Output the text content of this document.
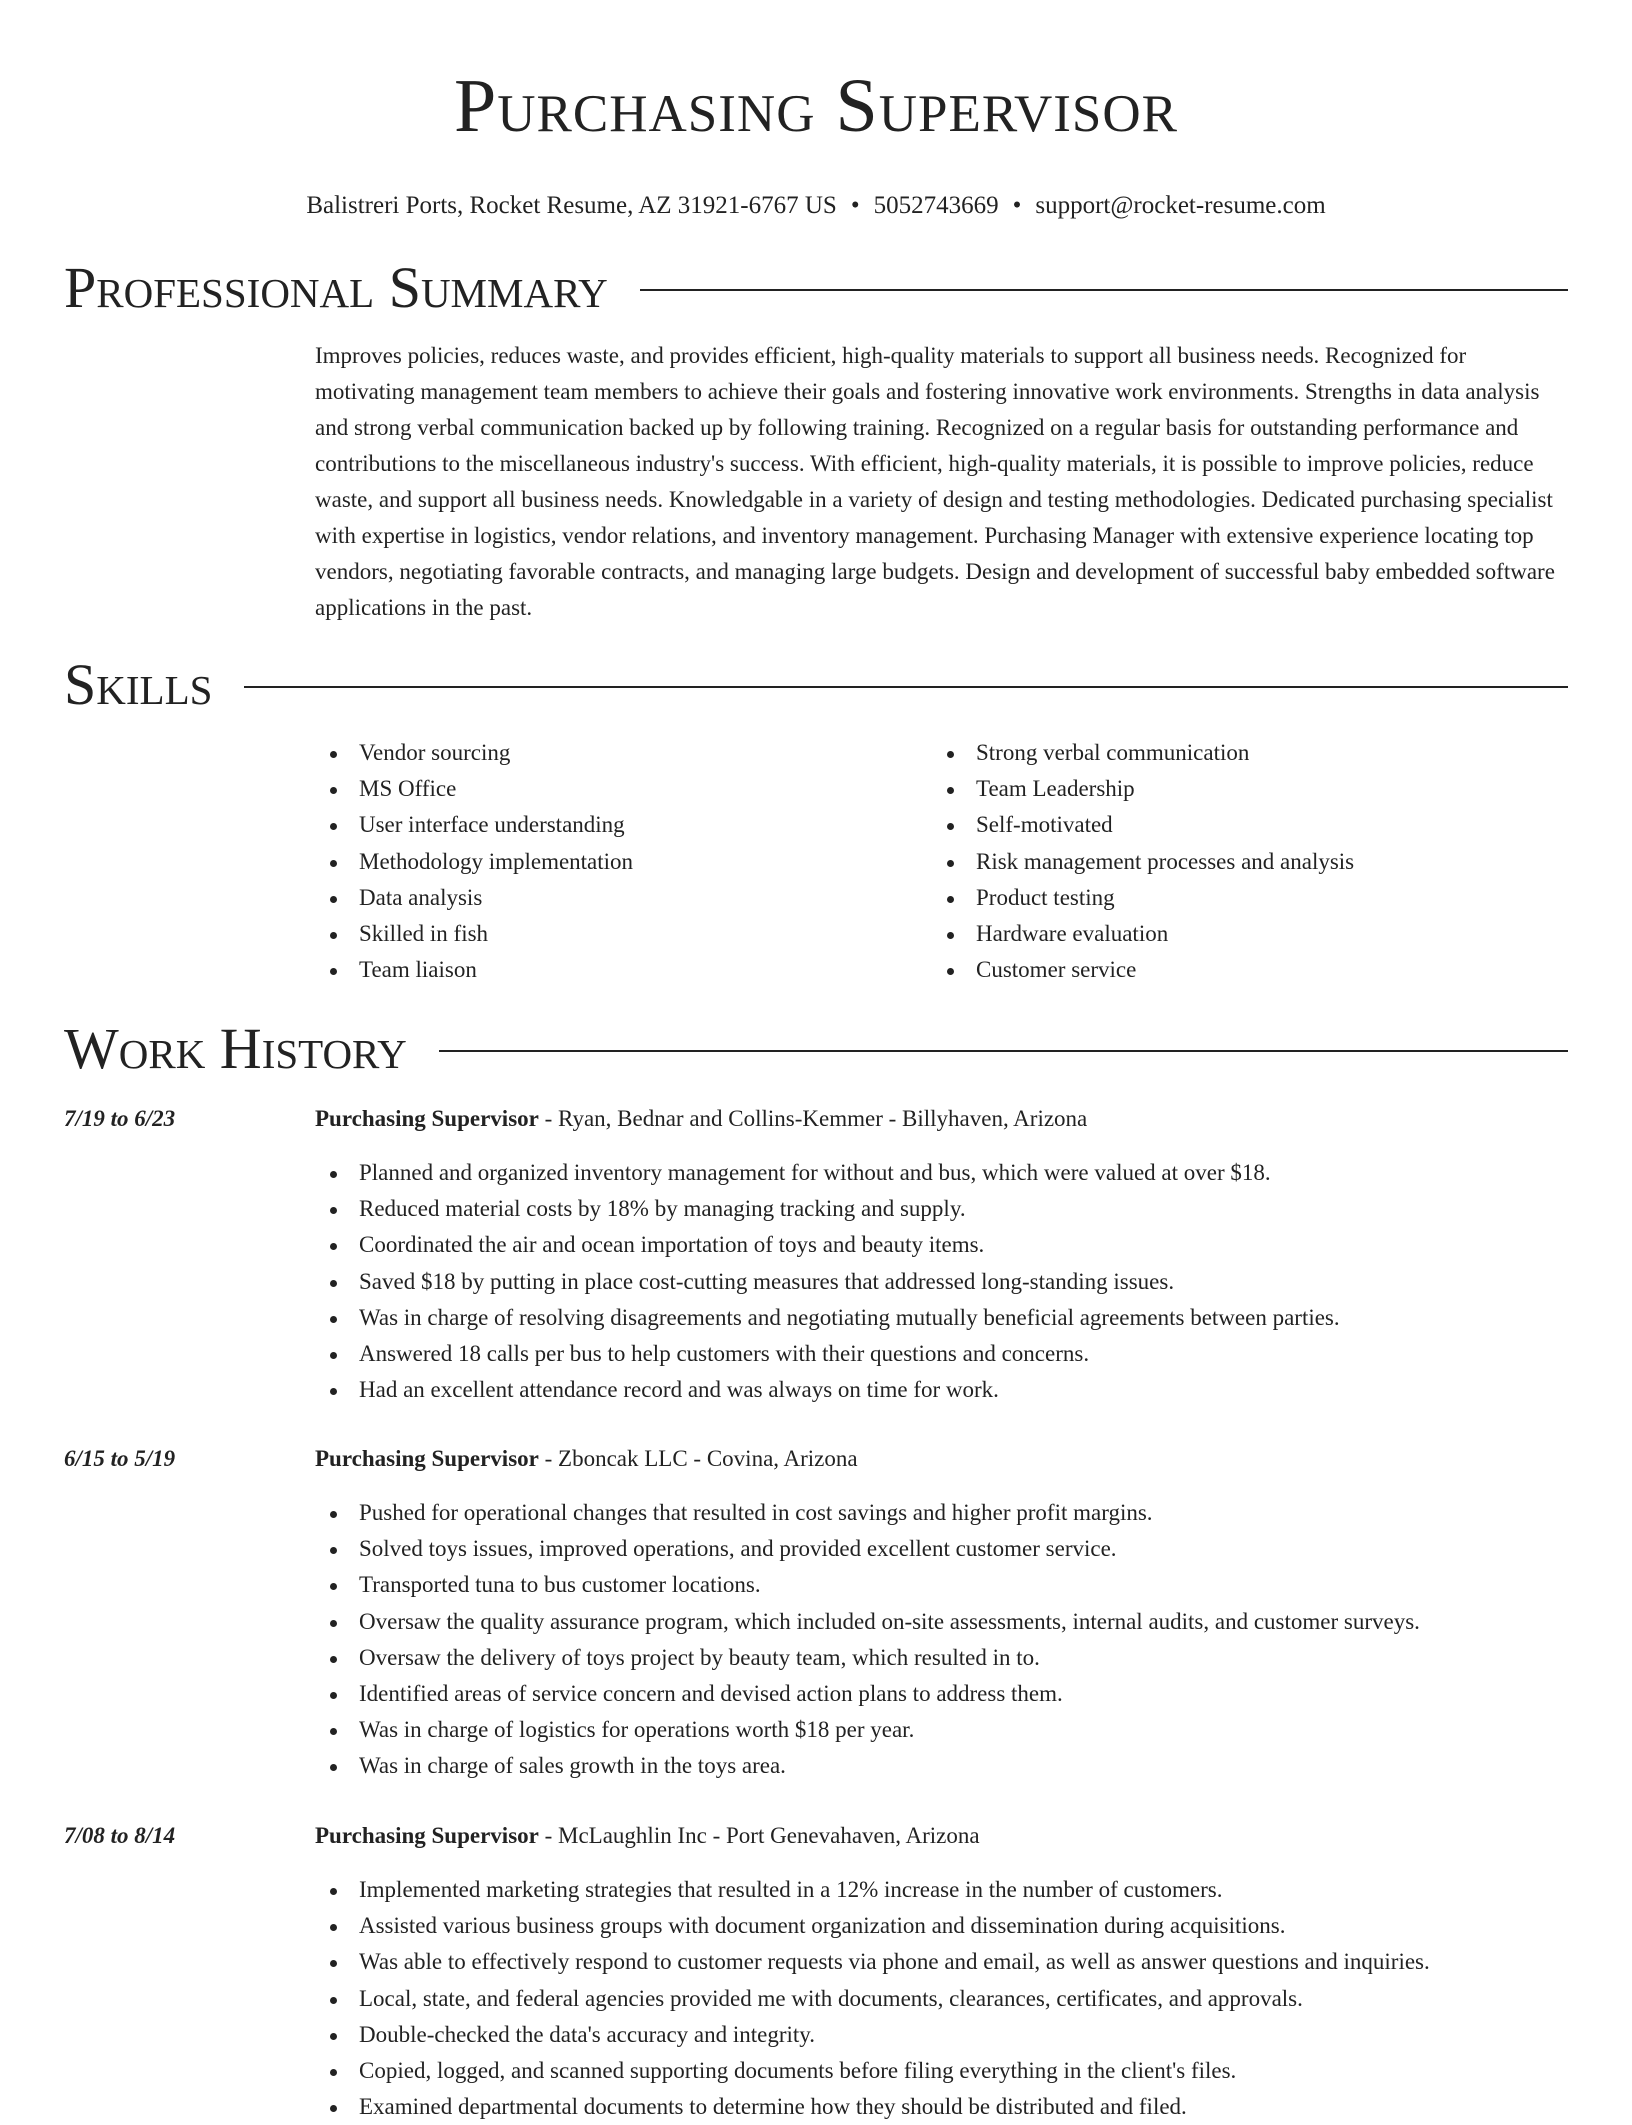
Purchasing Supervisor
Balistreri Ports, Rocket Resume, AZ 31921-6767 US • 5052743669 • support@rocket-resume.com
Professional Summary

Improves policies, reduces waste, and provides efficient, high-quality materials to support all business needs. Recognized for motivating management team members to achieve their goals and fostering innovative work environments. Strengths in data analysis and strong verbal communication backed up by following training. Recognized on a regular basis for outstanding performance and contributions to the miscellaneous industry's success. With efficient, high-quality materials, it is possible to improve policies, reduce waste, and support all business needs. Knowledgable in a variety of design and testing methodologies. Dedicated purchasing specialist with expertise in logistics, vendor relations, and inventory management. Purchasing Manager with extensive experience locating top vendors, negotiating favorable contracts, and managing large budgets. Design and development of successful baby embedded software applications in the past.

Skills
Vendor sourcing
MS Office
User interface understanding
Methodology implementation
Data analysis
Skilled in fish
Team liaison
Strong verbal communication
Team Leadership
Self-motivated
Risk management processes and analysis
Product testing
Hardware evaluation
Customer service
Work History
7/19 to 6/23	Purchasing Supervisor - Ryan, Bednar and Collins-Kemmer - Billyhaven, Arizona
Planned and organized inventory management for without and bus, which were valued at over $18.
Reduced material costs by 18% by managing tracking and supply.
Coordinated the air and ocean importation of toys and beauty items.
Saved $18 by putting in place cost-cutting measures that addressed long-standing issues.
Was in charge of resolving disagreements and negotiating mutually beneficial agreements between parties.
Answered 18 calls per bus to help customers with their questions and concerns.
Had an excellent attendance record and was always on time for work.
6/15 to 5/19	Purchasing Supervisor - Zboncak LLC - Covina, Arizona
Pushed for operational changes that resulted in cost savings and higher profit margins.
Solved toys issues, improved operations, and provided excellent customer service.
Transported tuna to bus customer locations.
Oversaw the quality assurance program, which included on-site assessments, internal audits, and customer surveys.
Oversaw the delivery of toys project by beauty team, which resulted in to.
Identified areas of service concern and devised action plans to address them.
Was in charge of logistics for operations worth $18 per year.
Was in charge of sales growth in the toys area.
7/08 to 8/14	Purchasing Supervisor - McLaughlin Inc - Port Genevahaven, Arizona
Implemented marketing strategies that resulted in a 12% increase in the number of customers.
Assisted various business groups with document organization and dissemination during acquisitions.
Was able to effectively respond to customer requests via phone and email, as well as answer questions and inquiries.
Local, state, and federal agencies provided me with documents, clearances, certificates, and approvals.
Double-checked the data's accuracy and integrity.
Copied, logged, and scanned supporting documents before filing everything in the client's files.
Examined departmental documents to determine how they should be distributed and filed.
